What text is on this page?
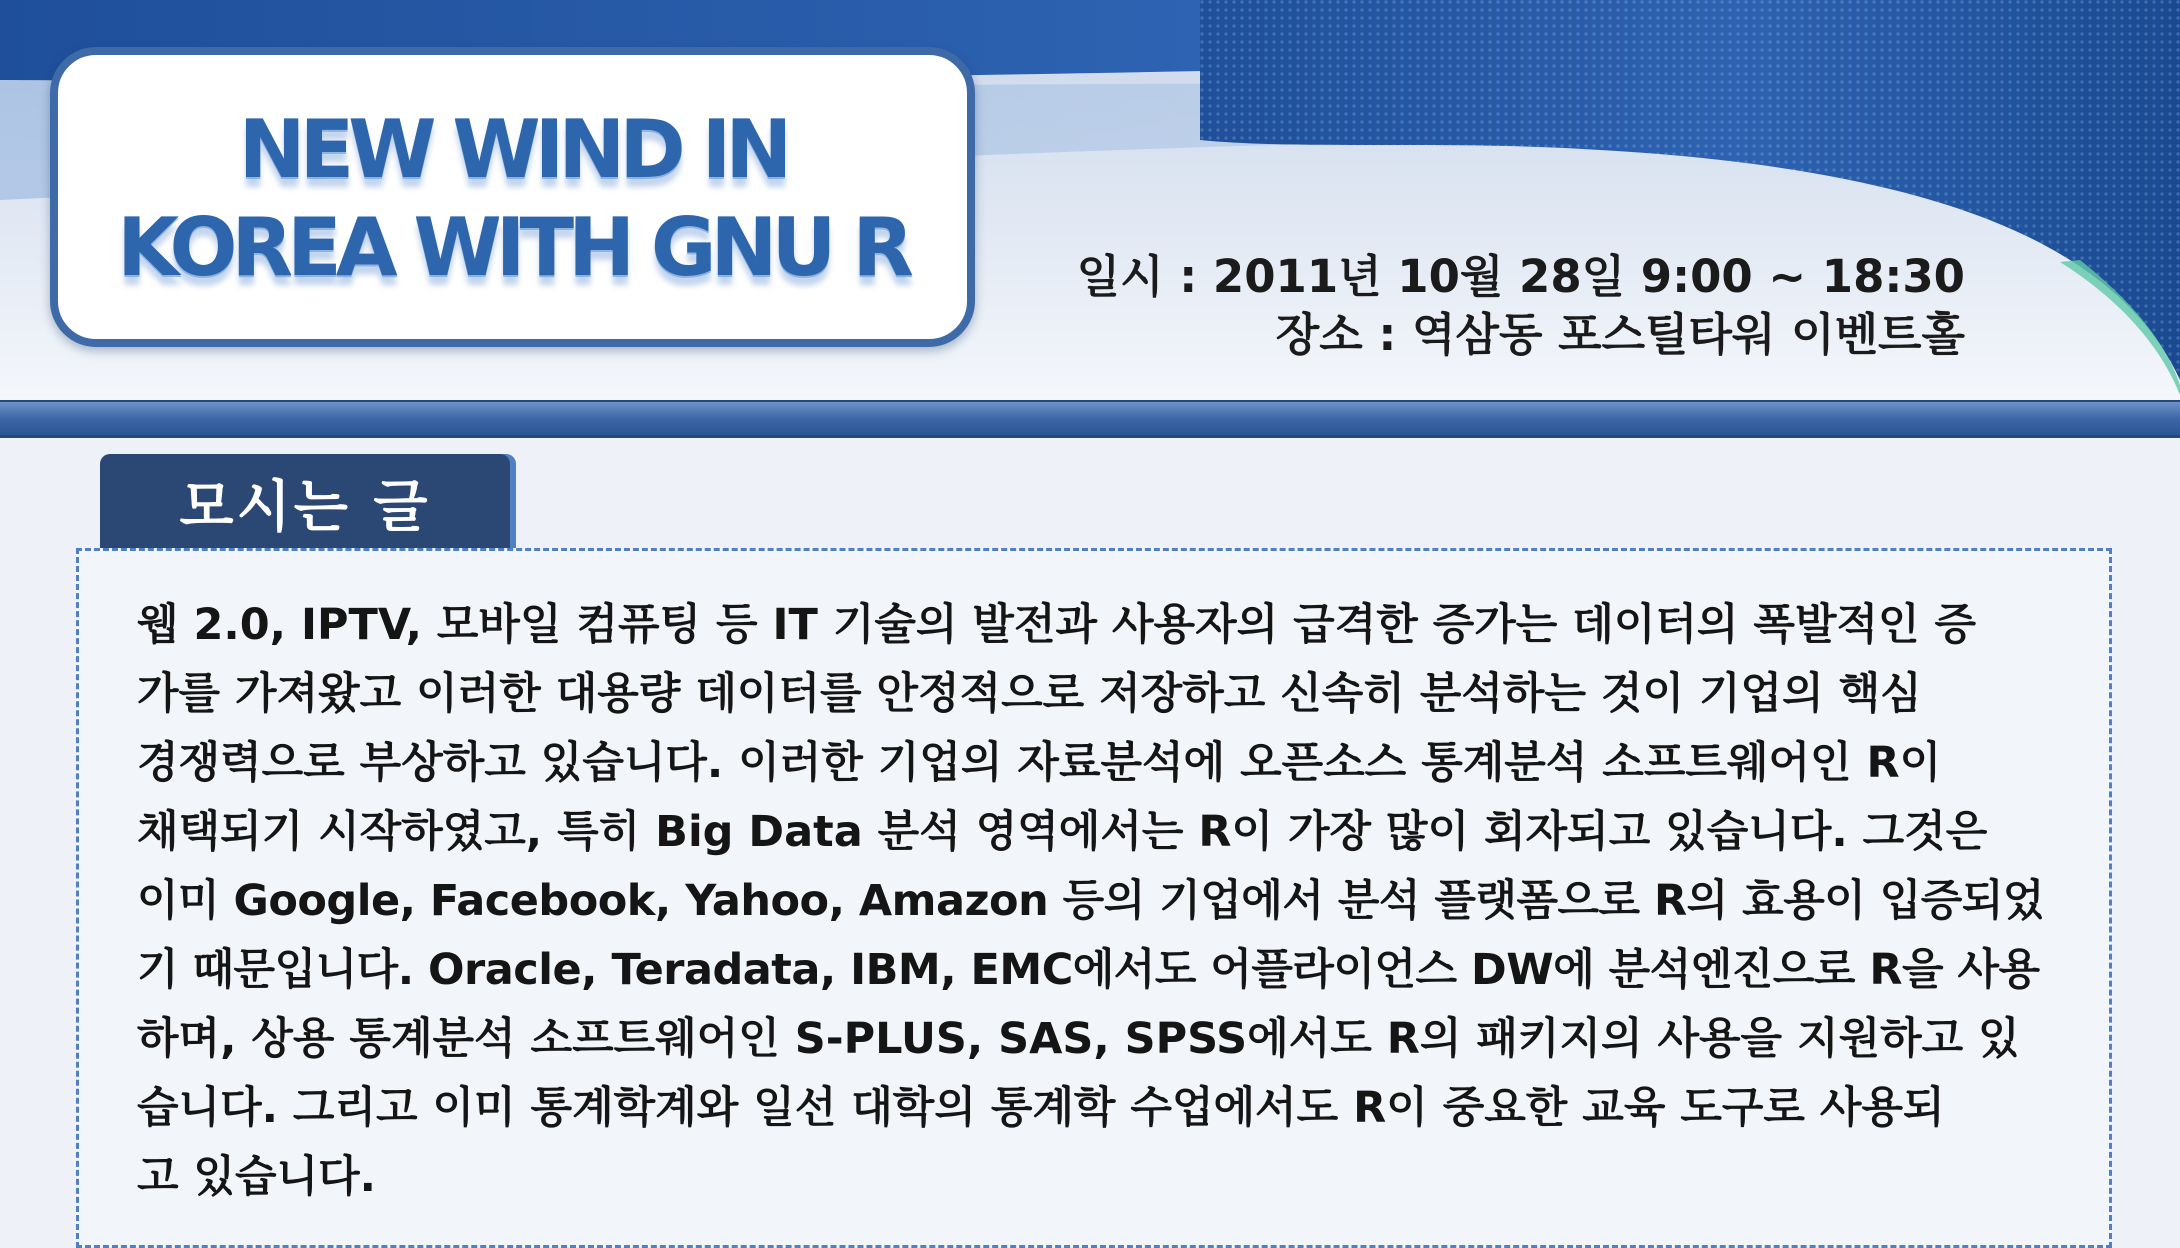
NEW WIND IN
KOREA WITH GNU R	일시 : 2011년 10월 28일 9:00 ~ 18:30
장소 : 역삼동 포스틸타워 이벤트홀
모시는 글
웹 2.0, IPTV, 모바일 컴퓨팅 등 IT 기술의 발전과 사용자의 급격한 증가는 데이터의 폭발적인 증
가를 가져왔고 이러한 대용량 데이터를 안정적으로 저장하고 신속히 분석하는 것이 기업의 핵심
경쟁력으로 부상하고 있습니다. 이러한 기업의 자료분석에 오픈소스 통계분석 소프트웨어인 R이
채택되기 시작하였고, 특히 Big Data 분석 영역에서는 R이 가장 많이 회자되고 있습니다. 그것은
이미 Google, Facebook, Yahoo, Amazon 등의 기업에서 분석 플랫폼으로 R의 효용이 입증되었
기 때문입니다. Oracle, Teradata, IBM, EMC에서도 어플라이언스 DW에 분석엔진으로 R을 사용
하며, 상용 통계분석 소프트웨어인 S-PLUS, SAS, SPSS에서도 R의 패키지의 사용을 지원하고 있
습니다. 그리고 이미 통계학계와 일선 대학의 통계학 수업에서도 R이 중요한 교육 도구로 사용되
고 있습니다.
